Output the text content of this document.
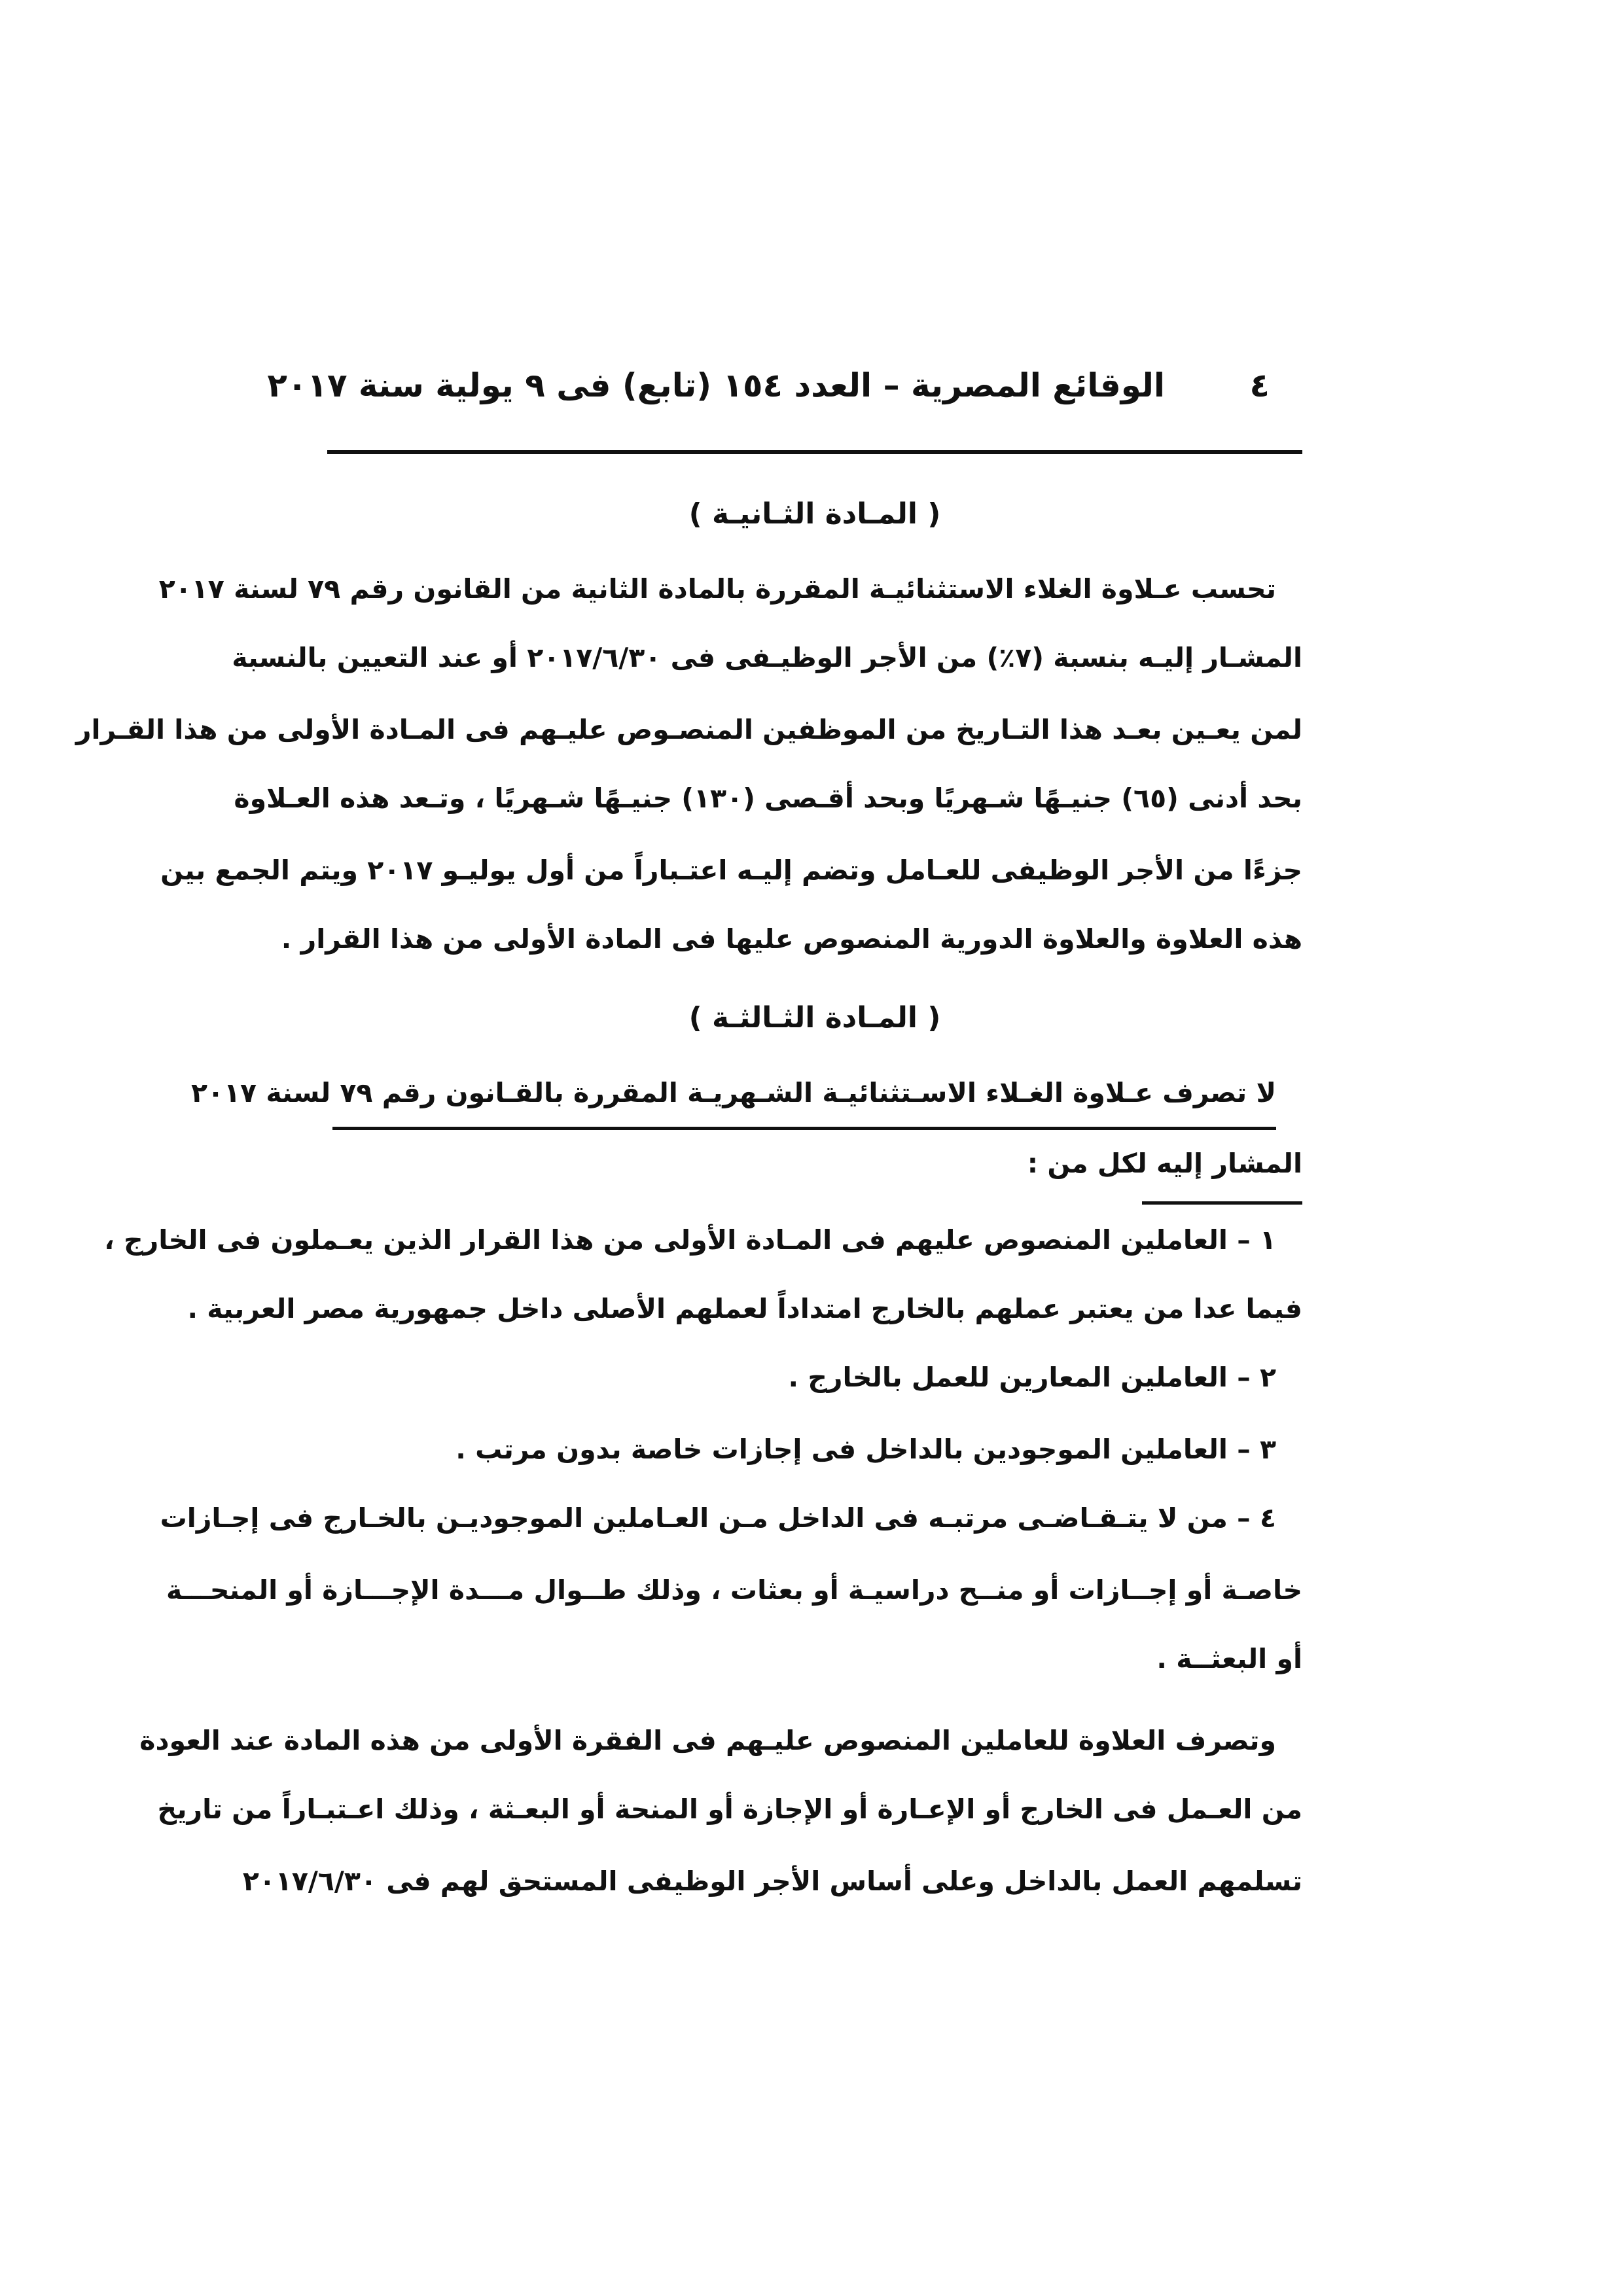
٤
الوقائع المصرية – العدد ١٥٤ (تابع) فى ٩ يولية سنة ٢٠١٧
( المـادة الثـانيـة )
تحسب عـلاوة الغلاء الاستثنائيـة المقررة بالمادة الثانية من القانون رقم ٧٩ لسنة ٢٠١٧
المشـار إليـه بنسبة (٧٪) من الأجر الوظيـفى فى ٢٠١٧/٦/٣٠ أو عند التعيين بالنسبة
لمن يعـين بعـد هذا التـاريخ من الموظفين المنصـوص عليـهم فى المـادة الأولى من هذا القـرار
بحد أدنى (٦٥) جنيـهًا شـهريًا وبحد أقـصى (١٣٠) جنيـهًا شـهريًا ، وتـعد هذه العـلاوة
جزءًا من الأجر الوظيفى للعـامل وتضم إليـه اعتـباراً من أول يوليـو ٢٠١٧ ويتم الجمع بين
هذه العلاوة والعلاوة الدورية المنصوص عليها فى المادة الأولى من هذا القرار .
( المـادة الثـالثـة )
لا تصرف عـلاوة الغـلاء الاسـتثنائيـة الشـهريـة المقررة بالقـانون رقم ٧٩ لسنة ٢٠١٧
المشار إليه لكل من :
١ – العاملين المنصوص عليهم فى المـادة الأولى من هذا القرار الذين يعـملون فى الخارج ،
فيما عدا من يعتبر عملهم بالخارج امتداداً لعملهم الأصلى داخل جمهورية مصر العربية .
٢ – العاملين المعارين للعمل بالخارج .
٣ – العاملين الموجودين بالداخل فى إجازات خاصة بدون مرتب .
٤ – من لا يتـقـاضـى مرتبـه فى الداخل مـن العـاملين الموجوديـن بالخـارج فى إجـازات
خاصـة أو إجــازات أو منــح دراسيـة أو بعثات ، وذلك طــوال مـــدة الإجـــازة أو المنحـــة
أو البعثــة .
وتصرف العلاوة للعاملين المنصوص عليـهم فى الفقرة الأولى من هذه المادة عند العودة
من العـمل فى الخارج أو الإعـارة أو الإجازة أو المنحة أو البعـثة ، وذلك اعـتبـاراً من تاريخ
تسلمهم العمل بالداخل وعلى أساس الأجر الوظيفى المستحق لهم فى ٢٠١٧/٦/٣٠
